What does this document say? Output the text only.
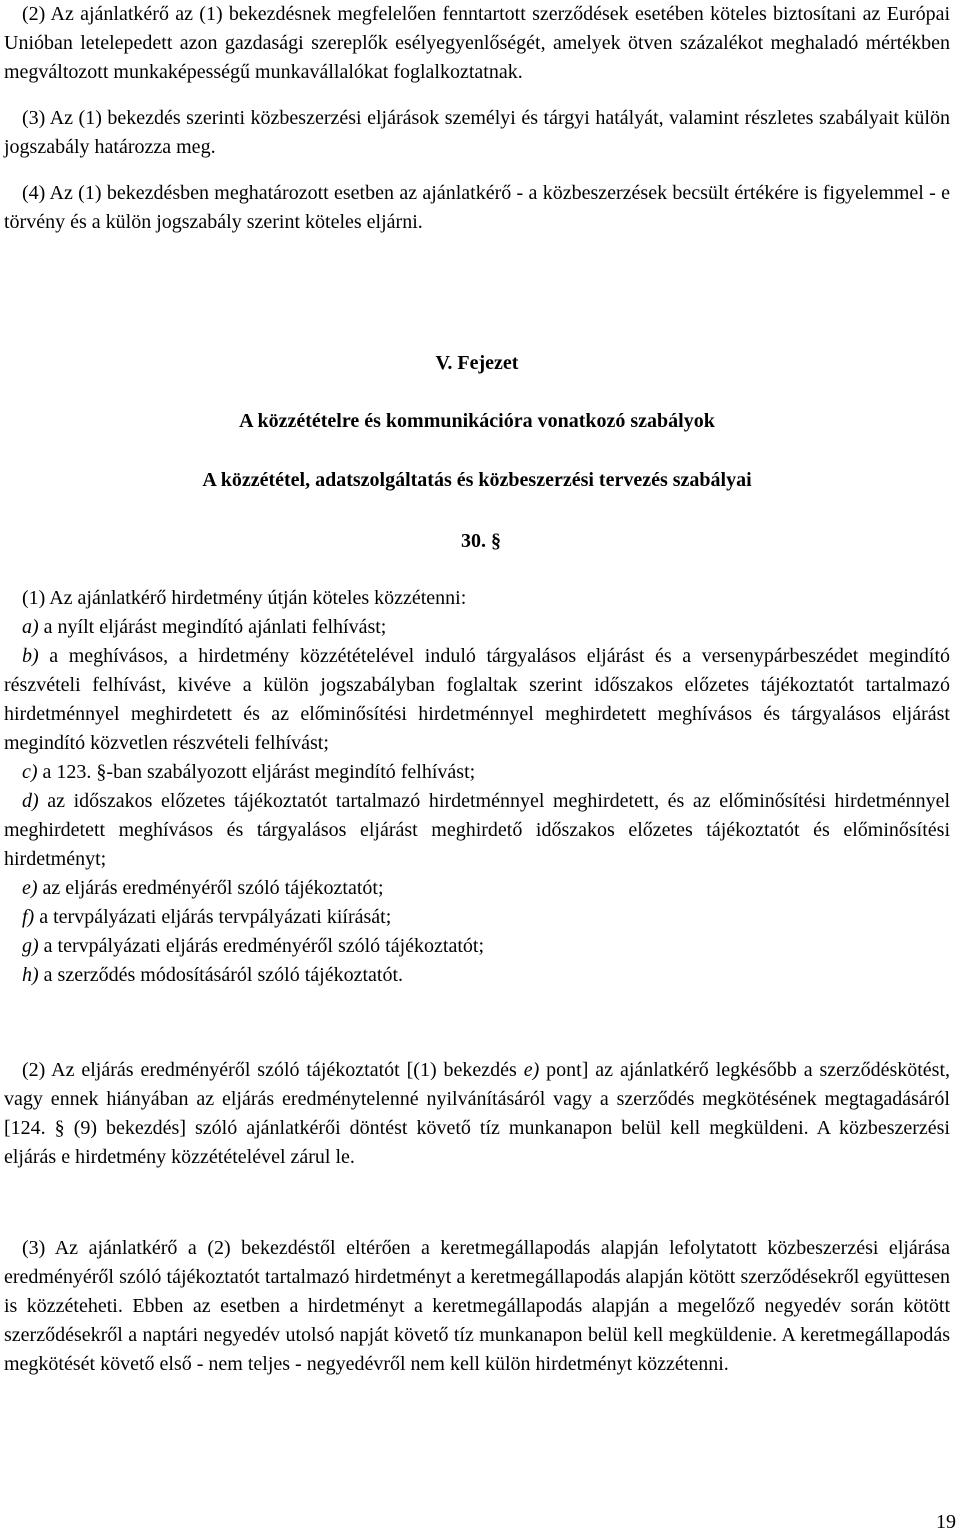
(2) Az ajánlatkérő az (1) bekezdésnek megfelelően fenntartott szerződések esetében köteles biztosítani az Európai Unióban letelepedett azon gazdasági szereplők esélyegyenlőségét, amelyek ötven százalékot meghaladó mértékben megváltozott munkaképességű munkavállalókat foglalkoztatnak.

(3) Az (1) bekezdés szerinti közbeszerzési eljárások személyi és tárgyi hatályát, valamint részletes szabályait külön jogszabály határozza meg.

(4) Az (1) bekezdésben meghatározott esetben az ajánlatkérő - a közbeszerzések becsült értékére is figyelemmel - e törvény és a külön jogszabály szerint köteles eljárni.

V. Fejezet

A közzétételre és kommunikációra vonatkozó szabályok

A közzététel, adatszolgáltatás és közbeszerzési tervezés szabályai

30. §

(1) Az ajánlatkérő hirdetmény útján köteles közzétenni:

a) a nyílt eljárást megindító ajánlati felhívást;

b) a meghívásos, a hirdetmény közzétételével induló tárgyalásos eljárást és a versenypárbeszédet megindító részvételi felhívást, kivéve a külön jogszabályban foglaltak szerint időszakos előzetes tájékoztatót tartalmazó hirdetménnyel meghirdetett és az előminősítési hirdetménnyel meghirdetett meghívásos és tárgyalásos eljárást megindító közvetlen részvételi felhívást;

c) a 123. §-ban szabályozott eljárást megindító felhívást;

d) az időszakos előzetes tájékoztatót tartalmazó hirdetménnyel meghirdetett, és az előminősítési hirdetménnyel meghirdetett meghívásos és tárgyalásos eljárást meghirdető időszakos előzetes tájékoztatót és előminősítési hirdetményt;

e) az eljárás eredményéről szóló tájékoztatót;

f) a tervpályázati eljárás tervpályázati kiírását;

g) a tervpályázati eljárás eredményéről szóló tájékoztatót;

h) a szerződés módosításáról szóló tájékoztatót.

(2) Az eljárás eredményéről szóló tájékoztatót [(1) bekezdés e) pont] az ajánlatkérő legkésőbb a szerződéskötést, vagy ennek hiányában az eljárás eredménytelenné nyilvánításáról vagy a szerződés megkötésének megtagadásáról [124. § (9) bekezdés] szóló ajánlatkérői döntést követő tíz munkanapon belül kell megküldeni. A közbeszerzési eljárás e hirdetmény közzétételével zárul le.

(3) Az ajánlatkérő a (2) bekezdéstől eltérően a keretmegállapodás alapján lefolytatott közbeszerzési eljárása eredményéről szóló tájékoztatót tartalmazó hirdetményt a keretmegállapodás alapján kötött szerződésekről együttesen is közzéteheti. Ebben az esetben a hirdetményt a keretmegállapodás alapján a megelőző negyedév során kötött szerződésekről a naptári negyedév utolsó napját követő tíz munkanapon belül kell megküldenie. A keretmegállapodás megkötését követő első - nem teljes - negyedévről nem kell külön hirdetményt közzétenni.

19
